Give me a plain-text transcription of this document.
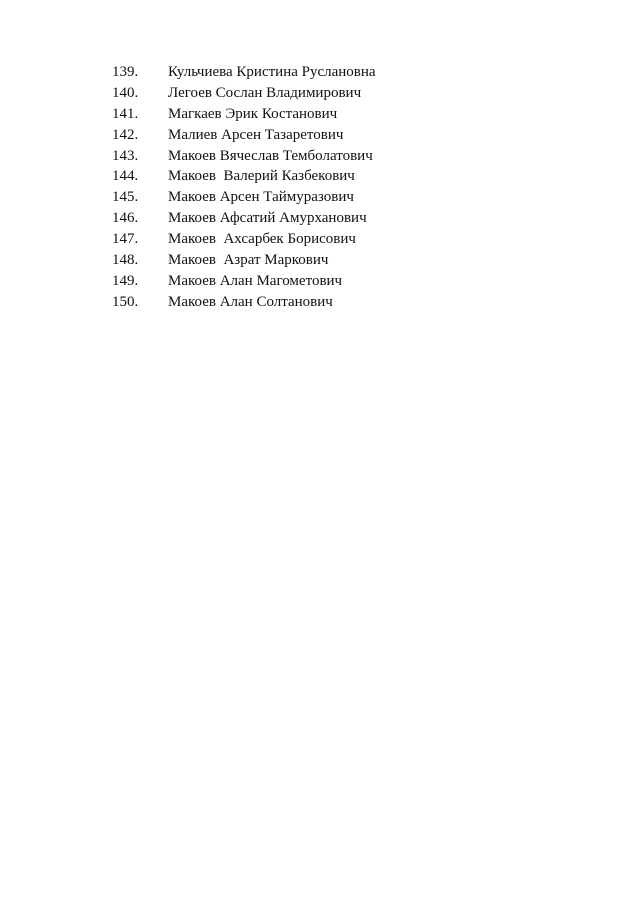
139.	Кульчиева Кристина Руслановна
140.	Легоев Сослан Владимирович
141.	Магкаев Эрик Костанович
142.	Малиев Арсен Тазаретович
143.	Макоев Вячеслав Темболатович
144.	Макоев  Валерий Казбекович
145.	Макоев Арсен Таймуразович
146.	Макоев Афсатий Амурханович
147.	Макоев  Ахсарбек Борисович
148.	Макоев  Азрат Маркович
149.	Макоев Алан Магометович
150.	Макоев Алан Солтанович
